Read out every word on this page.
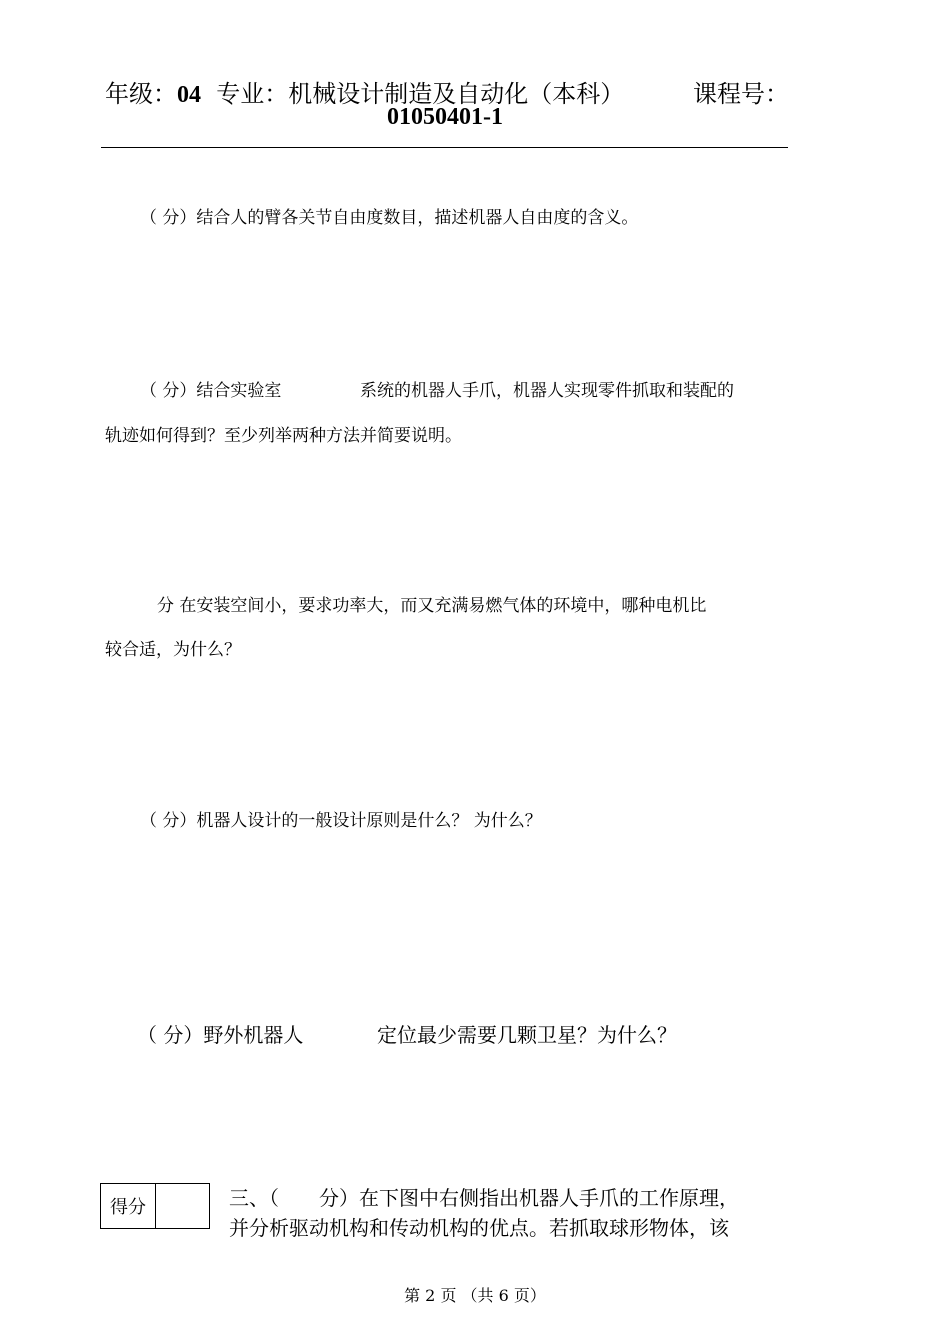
年级：04 专业：机械设计制造及自动化（本科）	课程号：
01050401-1
（ 分）结合人的臂各关节自由度数目，描述机器人自由度的含义。
（ 分）结合实验室	系统的机器人手爪，机器人实现零件抓取和装配的
轨迹如何得到？至少列举两种方法并简要说明。
分 在安装空间小，要求功率大，而又充满易燃气体的环境中，哪种电机比
较合适，为什么？
（ 分）机器人设计的一般设计原则是什么？ 为什么？
（ 分）野外机器人	定位最少需要几颗卫星？为什么？
得分	三、（　　分）在下图中右侧指出机器人手爪的工作原理，
并分析驱动机构和传动机构的优点。若抓取球形物体，该
第 2 页 （共 6 页）
